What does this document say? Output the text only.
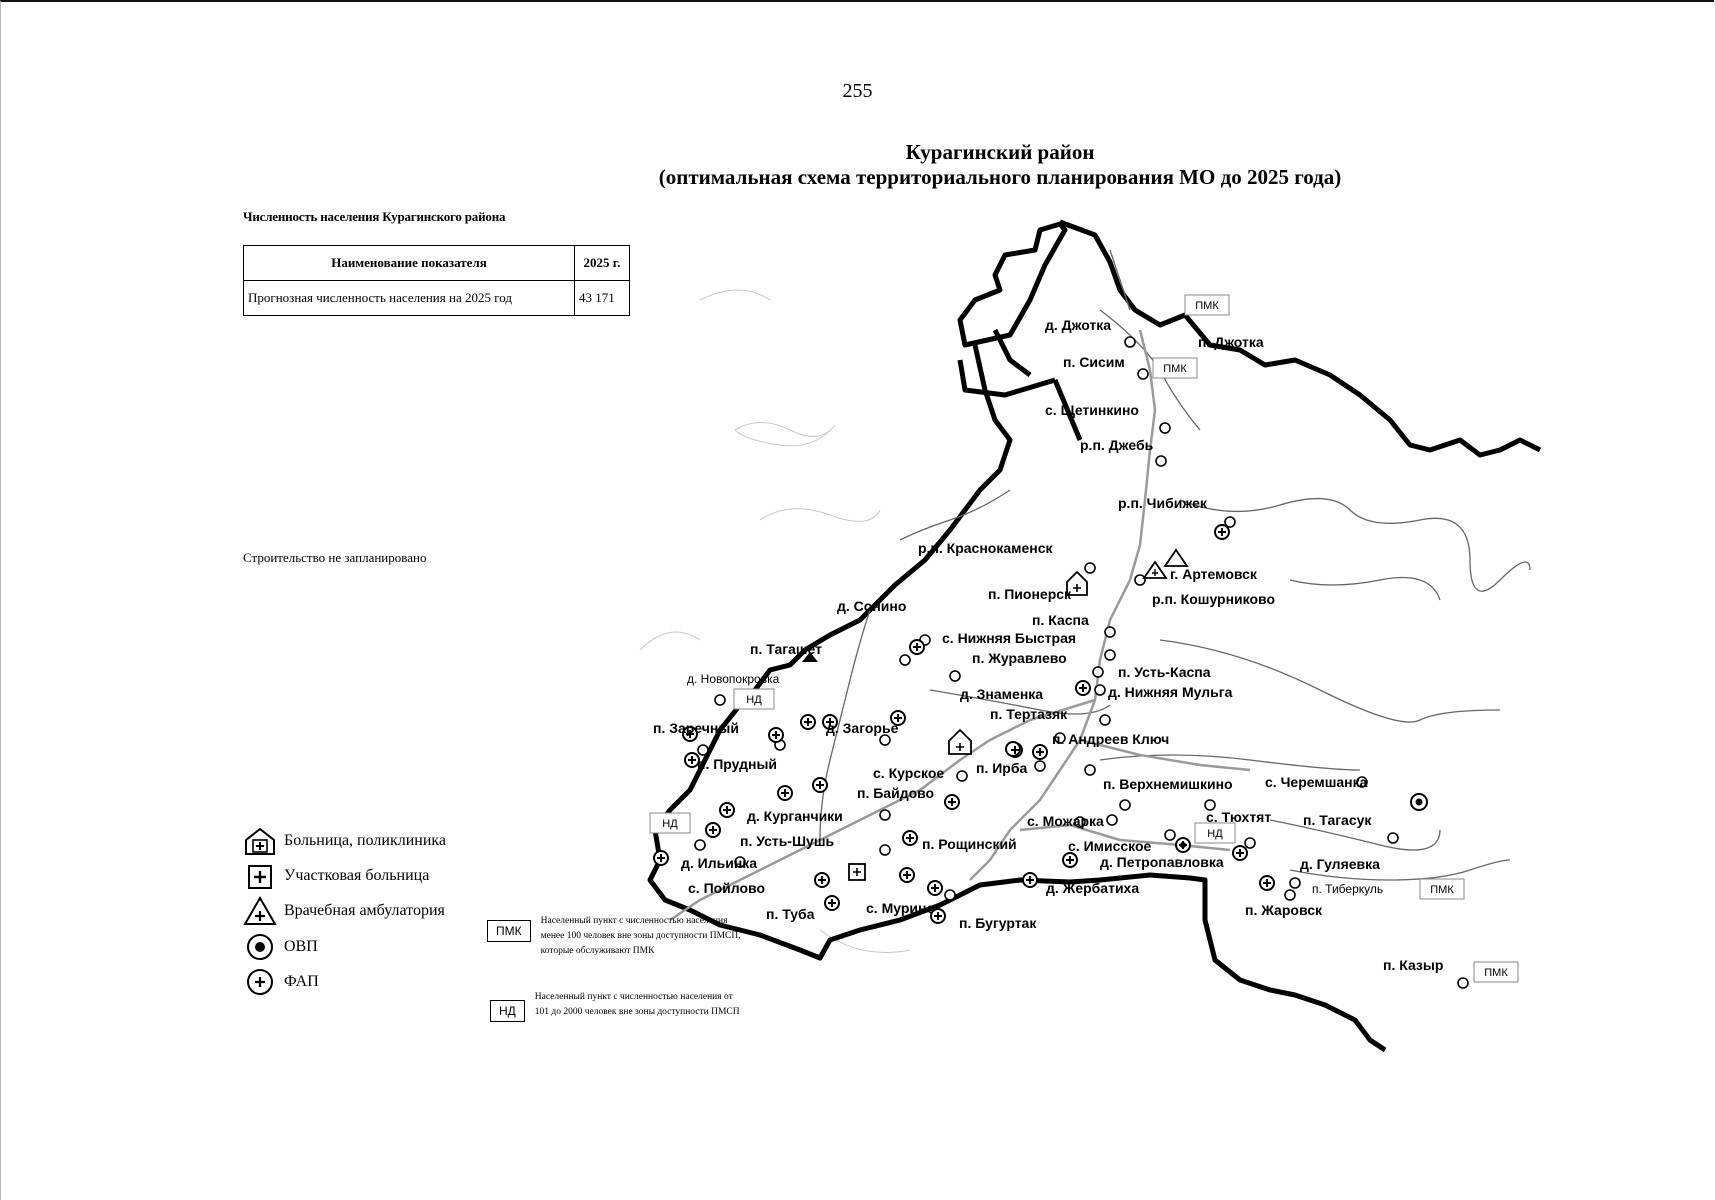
255
Курагинский район
(оптимальная схема территориального планирования МО до 2025 года)
Численность населения Курагинского района
Наименование показателя	2025 г.
Прогнозная численность населения на 2025 год	43 171
Строительство не запланировано
ПМК
ПМК
НД
НД
НД
ПМК
ПМК
д. Джотка
п. Джотка
п. Сисим
с. Щетинкино
р.п. Джебь
р.п. Чибижек
р.п. Краснокаменск
г. Артемовск
п. Пионерск	р.п. Кошурниково
д. Сонино
п. Каспа
с. Нижняя Быстрая
п. Тагашет
п. Журавлево
п. Усть-Каспа
д. Новопокровка
д. Знаменка	д. Нижняя Мульга
п. Тертазяк
п. Заречный	д. Загорье
п. Андреев Ключ
п. Прудный
с. Курское п. Ирба
п. Байдово
п. Верхнемишкино с. Черемшанка
д. Курганчики	с. Можарка	с. Тюхтят п. Тагасук
п. Усть-Шушь	п. Рощинский	с. Имисское
д. Ильинка	д. Петропавловка	д. Гуляевка
с. Пойлово	п. Тиберкуль
д. Жербатиха
п. Туба	с. Мурино	п. Жаровск
п. Бугуртак
п. Казыр
Больница, поликлиника
Участковая больница
Врачебная амбулатория
ОВП
ФАП
ПМК
Населенный пункт с численностью населения менее 100 человек вне зоны доступности ПМСП, которые обслуживают ПМК
НД
Населенный пункт с численностью населения от 101 до 2000 человек вне зоны доступности ПМСП
